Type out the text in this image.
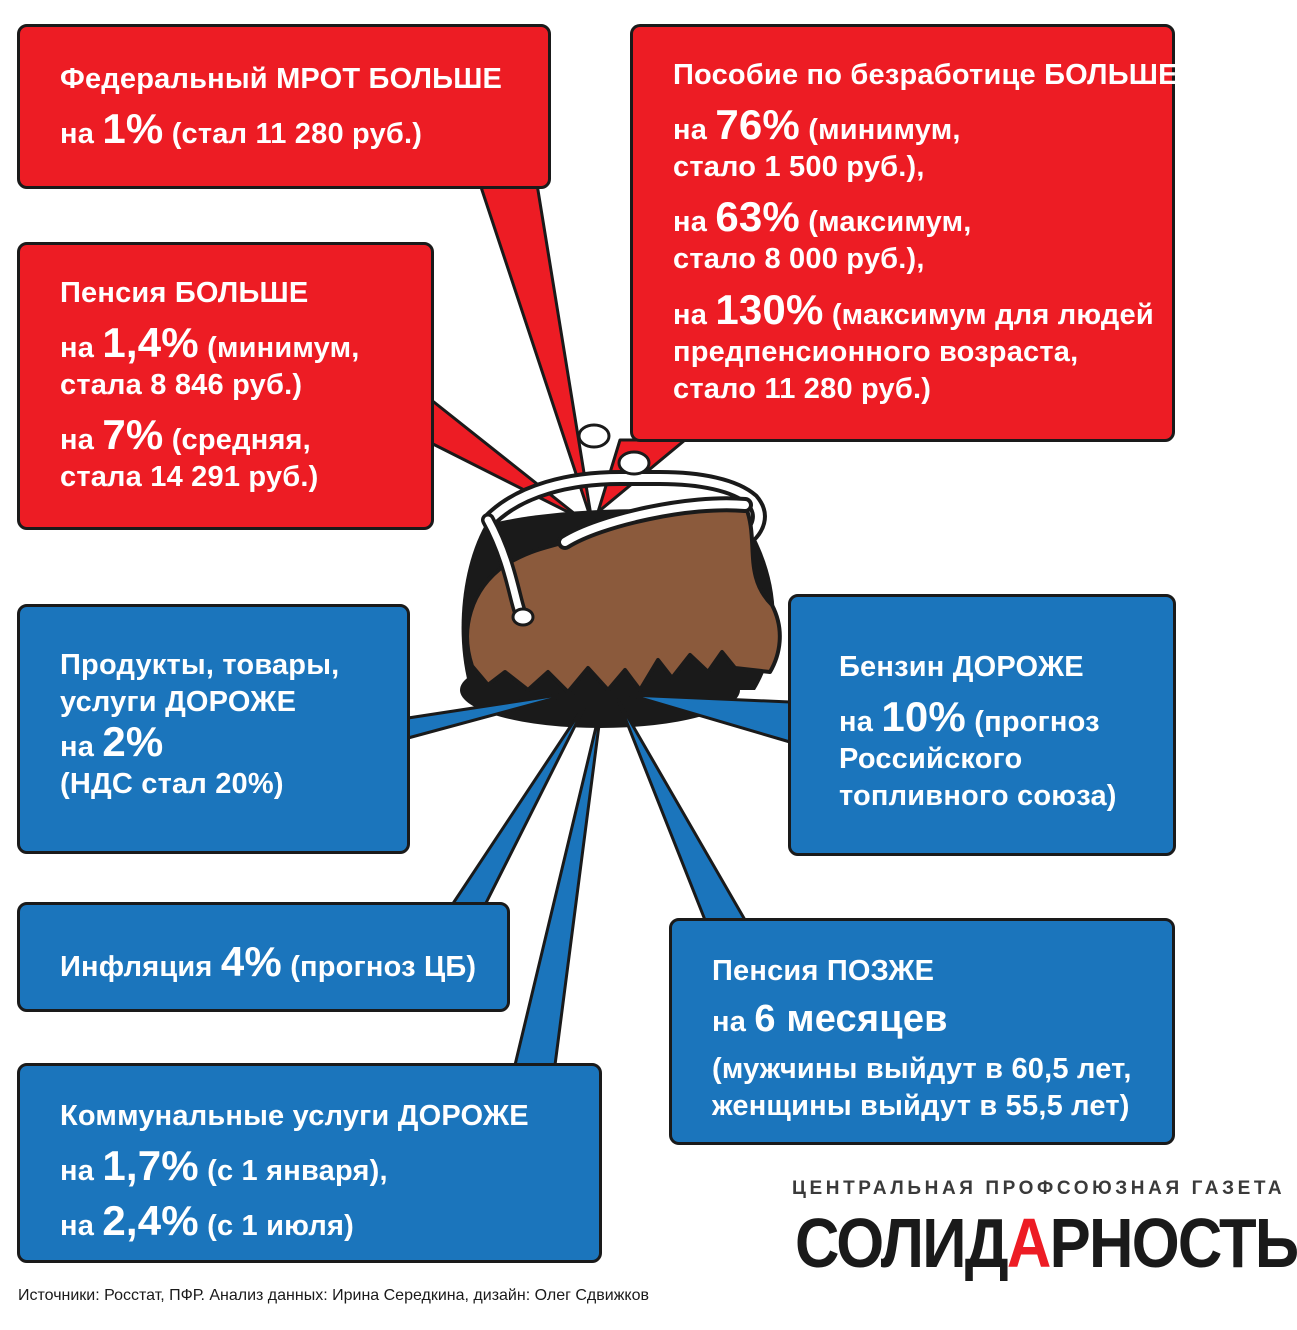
Федеральный МРОТ БОЛЬШЕ
на 1% (стал 11 280 руб.)
Пенсия БОЛЬШЕ
на 1,4% (минимум,
стала 8 846 руб.)
на 7% (средняя,
стала 14 291 руб.)
Пособие по безработице БОЛЬШЕ
на 76% (минимум,
стало 1 500 руб.),
на 63% (максимум,
стало 8 000 руб.),
на 130% (максимум для людей
предпенсионного возраста,
стало 11 280 руб.)
Продукты, товары,
услуги ДОРОЖЕ
на 2%
(НДС стал 20%)
Бензин ДОРОЖЕ
на 10% (прогноз
Российского
топливного союза)
Инфляция 4% (прогноз ЦБ)	Пенсия ПОЗЖЕ
на 6 месяцев
(мужчины выйдут в 60,5 лет,
женщины выйдут в 55,5 лет)
Коммунальные услуги ДОРОЖЕ
на 1,7% (с 1 января),
на 2,4% (с 1 июля)
ЦЕНТРАЛЬНАЯ ПРОФСОЮЗНАЯ ГАЗЕТА
СОЛИДАРНОСТЬ
Источники: Росстат, ПФР. Анализ данных: Ирина Середкина, дизайн: Олег Сдвижков
